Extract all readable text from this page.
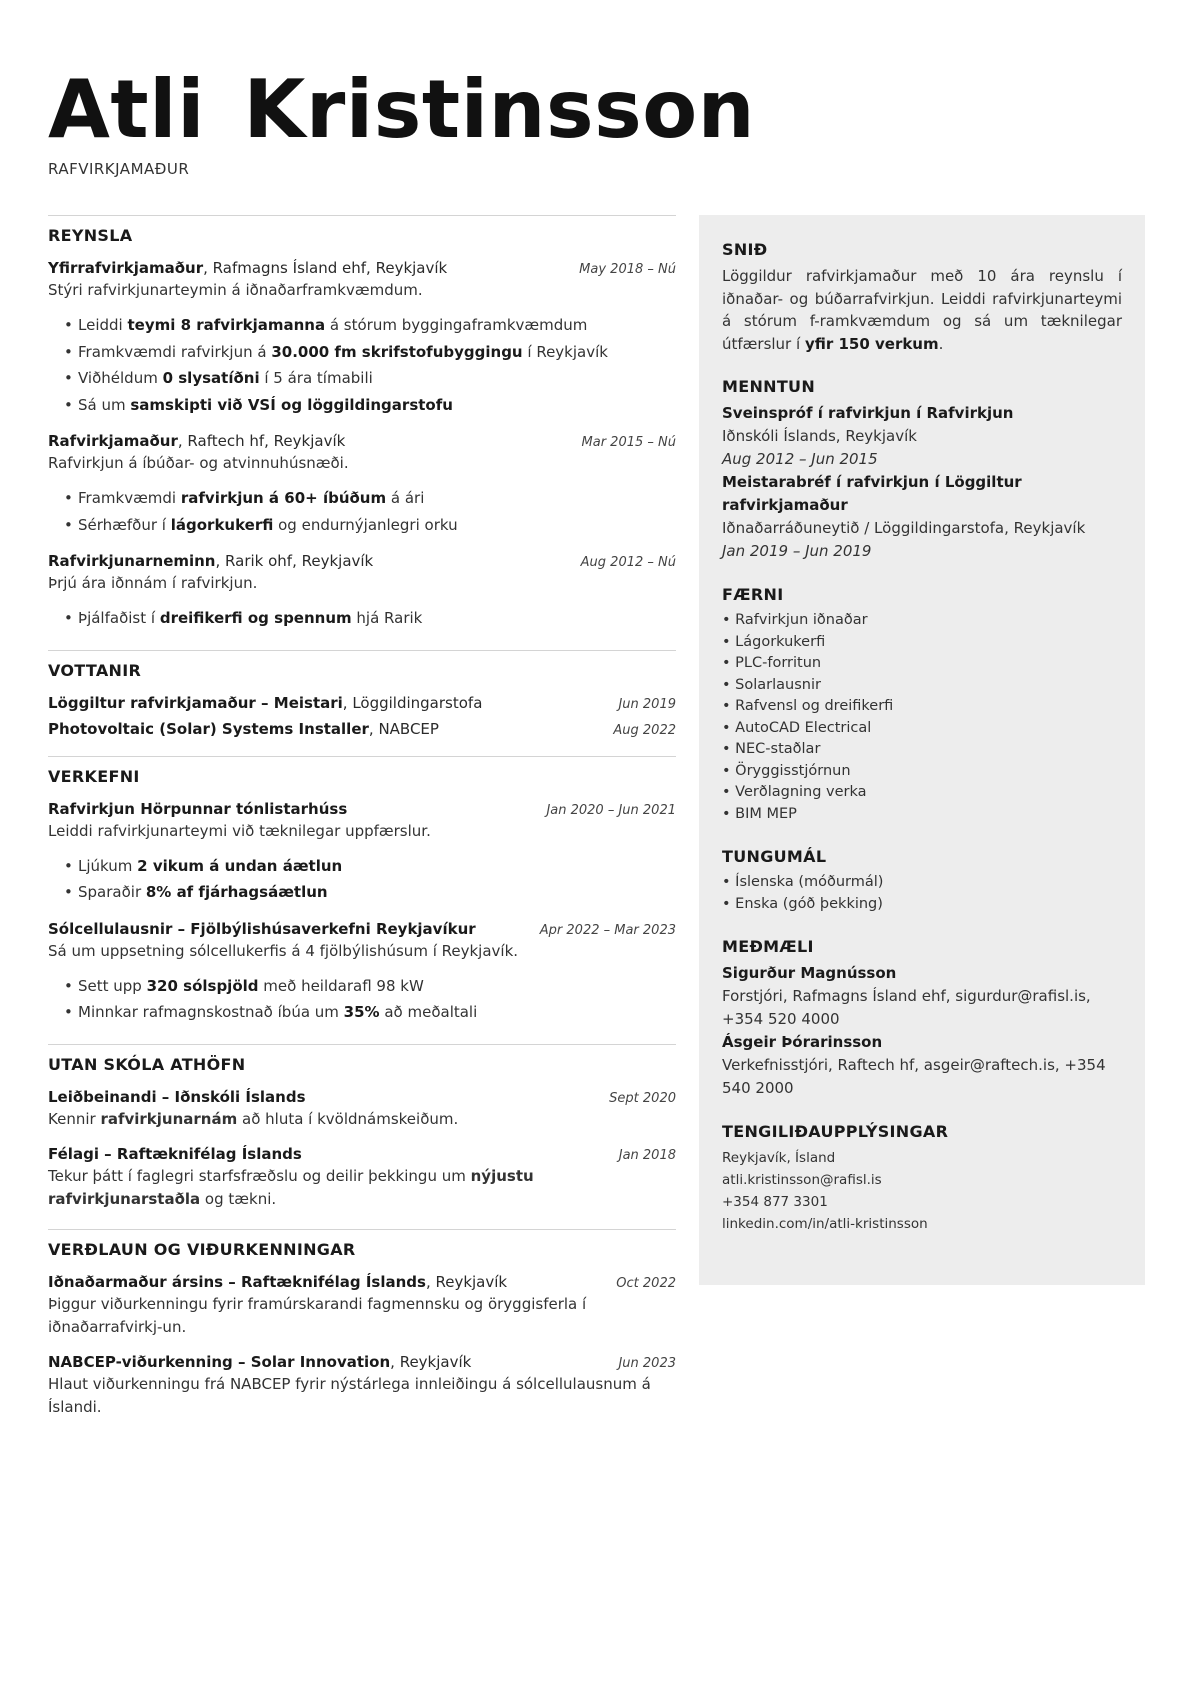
Atli Kristinsson
RAFVIRKJAMAÐUR
REYNSLA
Yfirrafvirkjamaður, Rafmagns Ísland ehf, Reykjavík	May 2018 – Nú
Stýri rafvirkjunarteymin á iðnaðarframkvæmdum.
• Leiddi teymi 8 rafvirkjamanna á stórum byggingaframkvæmdum
• Framkvæmdi rafvirkjun á 30.000 fm skrifstofubyggingu í Reykjavík
• Viðhéldum 0 slysatíðni í 5 ára tímabili
• Sá um samskipti við VSÍ og löggildingarstofu
Rafvirkjamaður, Raftech hf, Reykjavík	Mar 2015 – Nú
Rafvirkjun á íbúðar- og atvinnuhúsnæði.
• Framkvæmdi rafvirkjun á 60+ íbúðum á ári
• Sérhæfður í lágorkukerfi og endurnýjanlegri orku
Rafvirkjunarneminn, Rarik ohf, Reykjavík	Aug 2012 – Nú
Þrjú ára iðnnám í rafvirkjun.
• Þjálfaðist í dreifikerfi og spennum hjá Rarik
VOTTANIR
Löggiltur rafvirkjamaður – Meistari, Löggildingarstofa	Jun 2019
Photovoltaic (Solar) Systems Installer, NABCEP	Aug 2022
VERKEFNI
Rafvirkjun Hörpunnar tónlistarhúss	Jan 2020 – Jun 2021
Leiddi rafvirkjunarteymi við tæknilegar uppfærslur.
• Ljúkum 2 vikum á undan áætlun
• Sparaðir 8% af fjárhagsáætlun
Sólcellulausnir – Fjölbýlishúsaverkefni Reykjavíkur	Apr 2022 – Mar 2023
Sá um uppsetning sólcellukerfis á 4 fjölbýlishúsum í Reykjavík.
• Sett upp 320 sólspjöld með heildarafl 98 kW
• Minnkar rafmagnskostnað íbúa um 35% að meðaltali
UTAN SKÓLA ATHÖFN
Leiðbeinandi – Iðnskóli Íslands	Sept 2020
Kennir rafvirkjunarnám að hluta í kvöldnámskeiðum.
Félagi – Raftæknifélag Íslands	Jan 2018
Tekur þátt í faglegri starfsfræðslu og deilir þekkingu um nýjustu rafvirkjunarstaðla og tækni.
VERÐLAUN OG VIÐURKENNINGAR
Iðnaðarmaður ársins – Raftæknifélag Íslands, Reykjavík	Oct 2022
Þiggur viðurkenningu fyrir framúrskarandi fagmennsku og öryggisferla í iðnaðarrafvirkj-un.
NABCEP-viðurkenning – Solar Innovation, Reykjavík	Jun 2023
Hlaut viðurkenningu frá NABCEP fyrir nýstárlega innleiðingu á sólcellulausnum á Íslandi.
SNIÐ
Löggildur rafvirkjamaður með 10 ára reynslu í iðnaðar- og búðarrafvirkjun. Leiddi rafvirkjunarteymi á stórum f-ramkvæmdum og sá um tæknilegar útfærslur í yfir 150 verkum.
MENNTUN
Sveinspróf í rafvirkjun í Rafvirkjun
Iðnskóli Íslands, Reykjavík
Aug 2012 – Jun 2015
Meistarabréf í rafvirkjun í Löggiltur rafvirkjamaður
Iðnaðarráðuneytið / Löggildingarstofa, Reykjavík
Jan 2019 – Jun 2019
FÆRNI
• Rafvirkjun iðnaðar
• Lágorkukerfi
• PLC-forritun
• Solarlausnir
• Rafvensl og dreifikerfi
• AutoCAD Electrical
• NEC-staðlar
• Öryggisstjórnun
• Verðlagning verka
• BIM MEP
TUNGUMÁL
• Íslenska (móðurmál)
• Enska (góð þekking)
MEÐMÆLI
Sigurður Magnússon
Forstjóri, Rafmagns Ísland ehf, sigurdur@rafisl.is, +354 520 4000
Ásgeir Þórarinsson
Verkefnisstjóri, Raftech hf, asgeir@raftech.is, +354 540 2000
TENGILIÐAUPPLÝSINGAR
Reykjavík, Ísland
atli.kristinsson@rafisl.is
+354 877 3301
linkedin.com/in/atli-kristinsson
